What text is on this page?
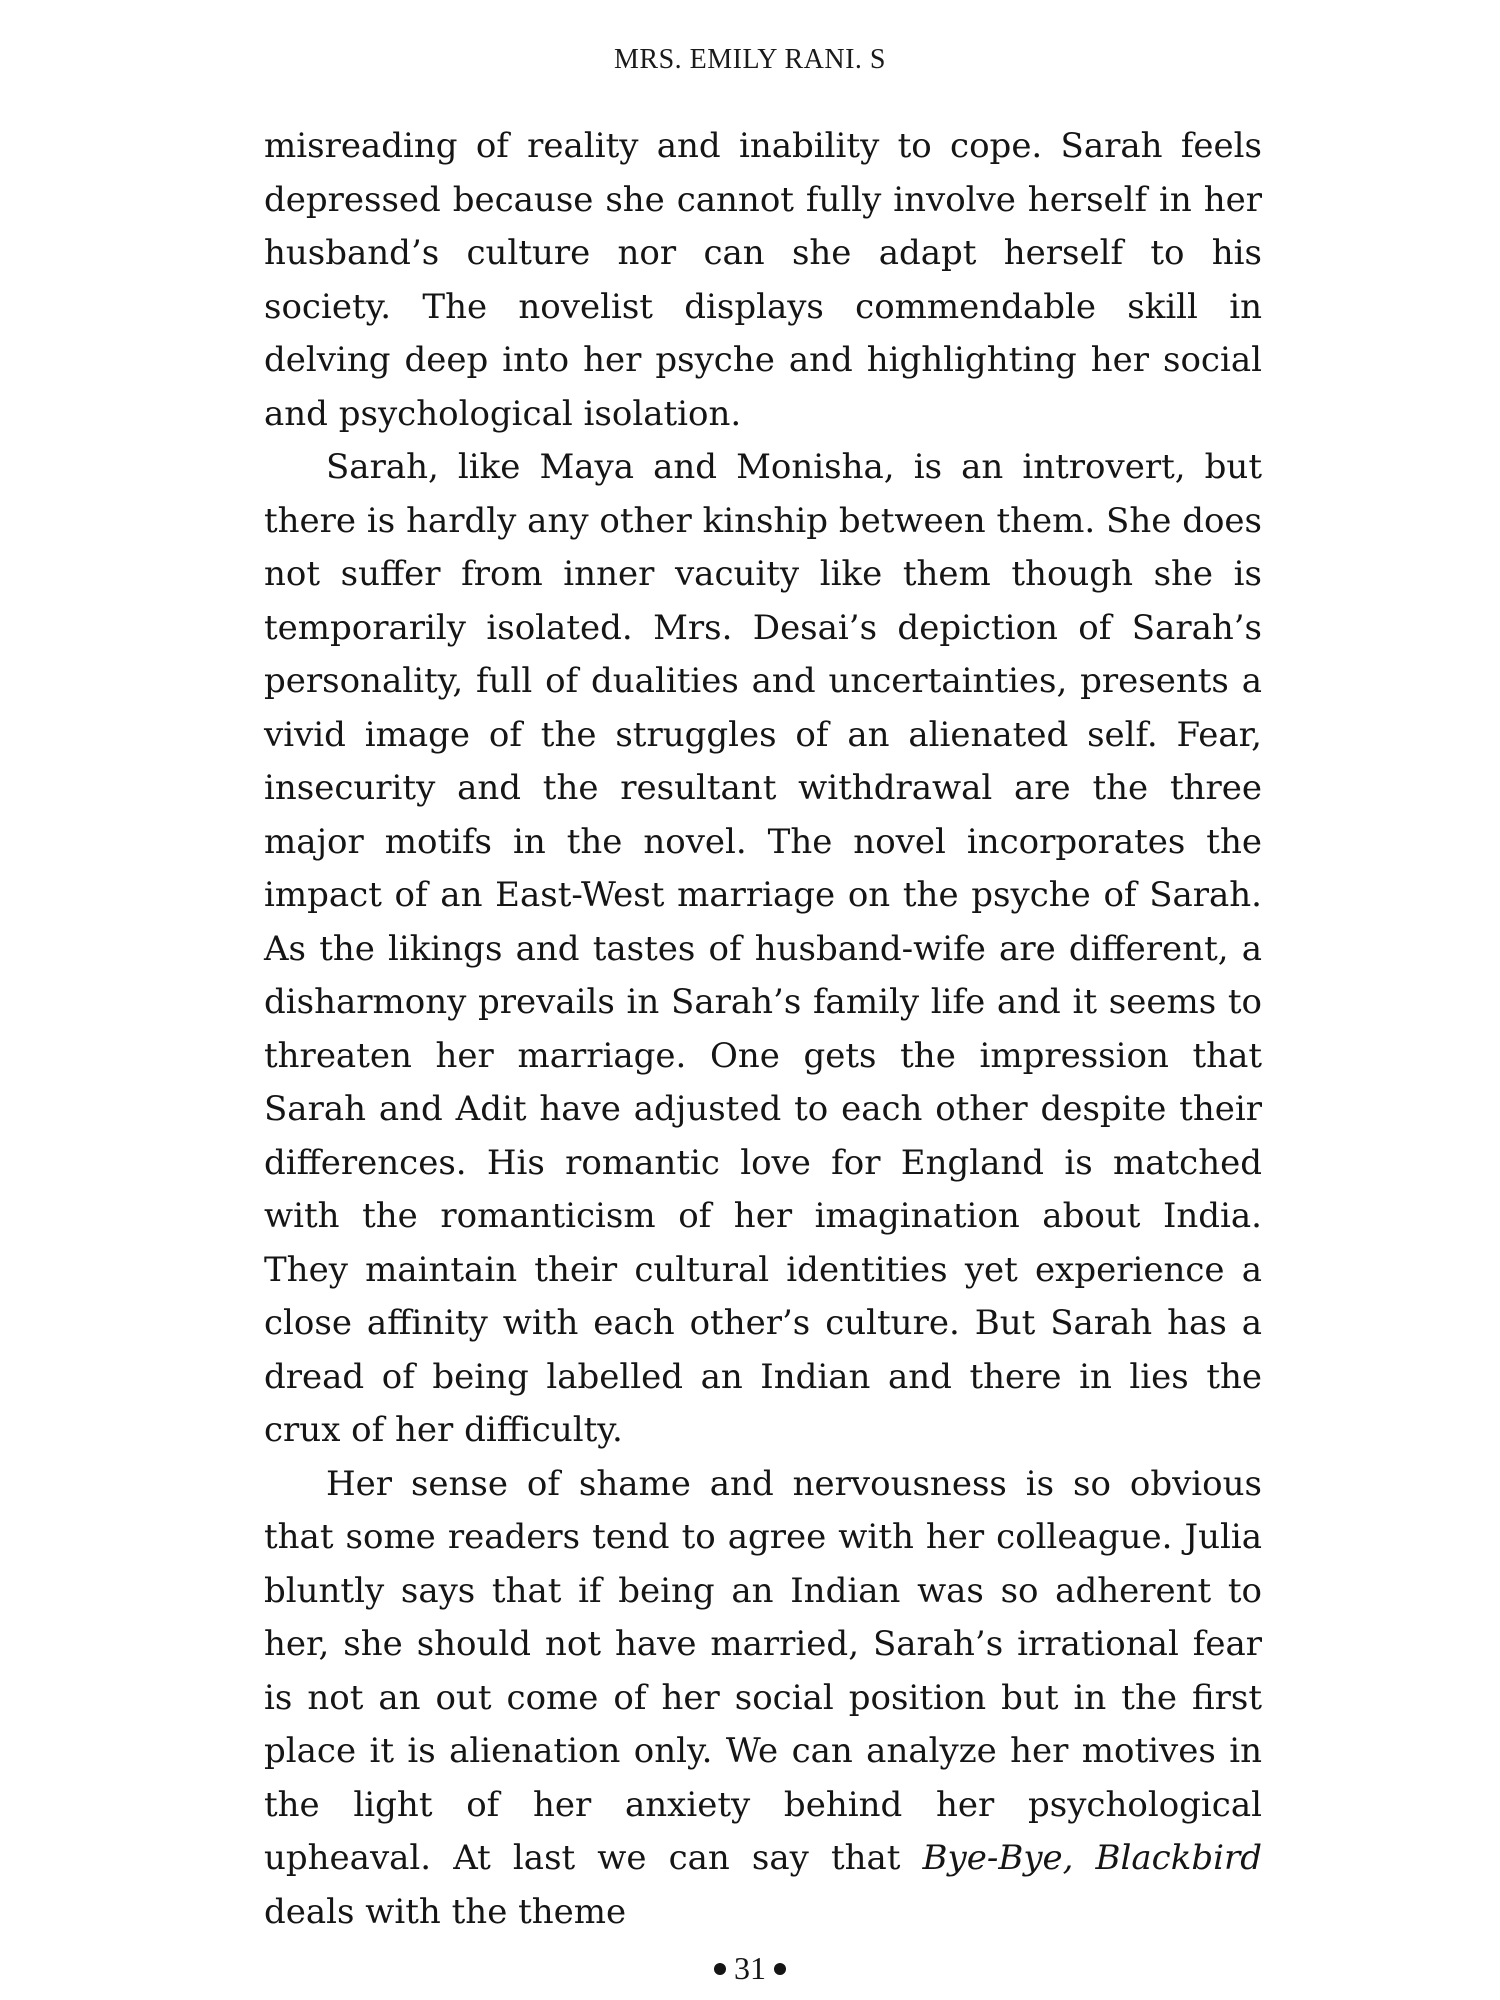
MRS. EMILY RANI. S

misreading of reality and inability to cope. Sarah feels depressed because she cannot fully involve herself in her husband’s culture nor can she adapt herself to his society. The novelist displays commendable skill in delving deep into her psyche and highlighting her social and psychological isolation.

Sarah, like Maya and Monisha, is an introvert, but there is hardly any other kinship between them. She does not suffer from inner vacuity like them though she is temporarily isolated. Mrs. Desai’s depiction of Sarah’s personality, full of dualities and uncertainties, presents a vivid image of the struggles of an alienated self. Fear, insecurity and the resultant withdrawal are the three major motifs in the novel. The novel incorporates the impact of an East-West marriage on the psyche of Sarah. As the likings and tastes of husband-wife are different, a disharmony prevails in Sarah’s family life and it seems to threaten her marriage. One gets the impression that Sarah and Adit have adjusted to each other despite their differences. His romantic love for England is matched with the romanticism of her imagination about India. They maintain their cultural identities yet experience a close affinity with each other’s culture. But Sarah has a dread of being labelled an Indian and there in lies the crux of her difficulty.

Her sense of shame and nervousness is so obvious that some readers tend to agree with her colleague. Julia bluntly says that if being an Indian was so adherent to her, she should not have married, Sarah’s irrational fear is not an out come of her social position but in the first place it is alienation only. We can analyze her motives in the light of her anxiety behind her psychological upheaval. At last we can say that Bye-Bye, Blackbird deals with the theme

31
